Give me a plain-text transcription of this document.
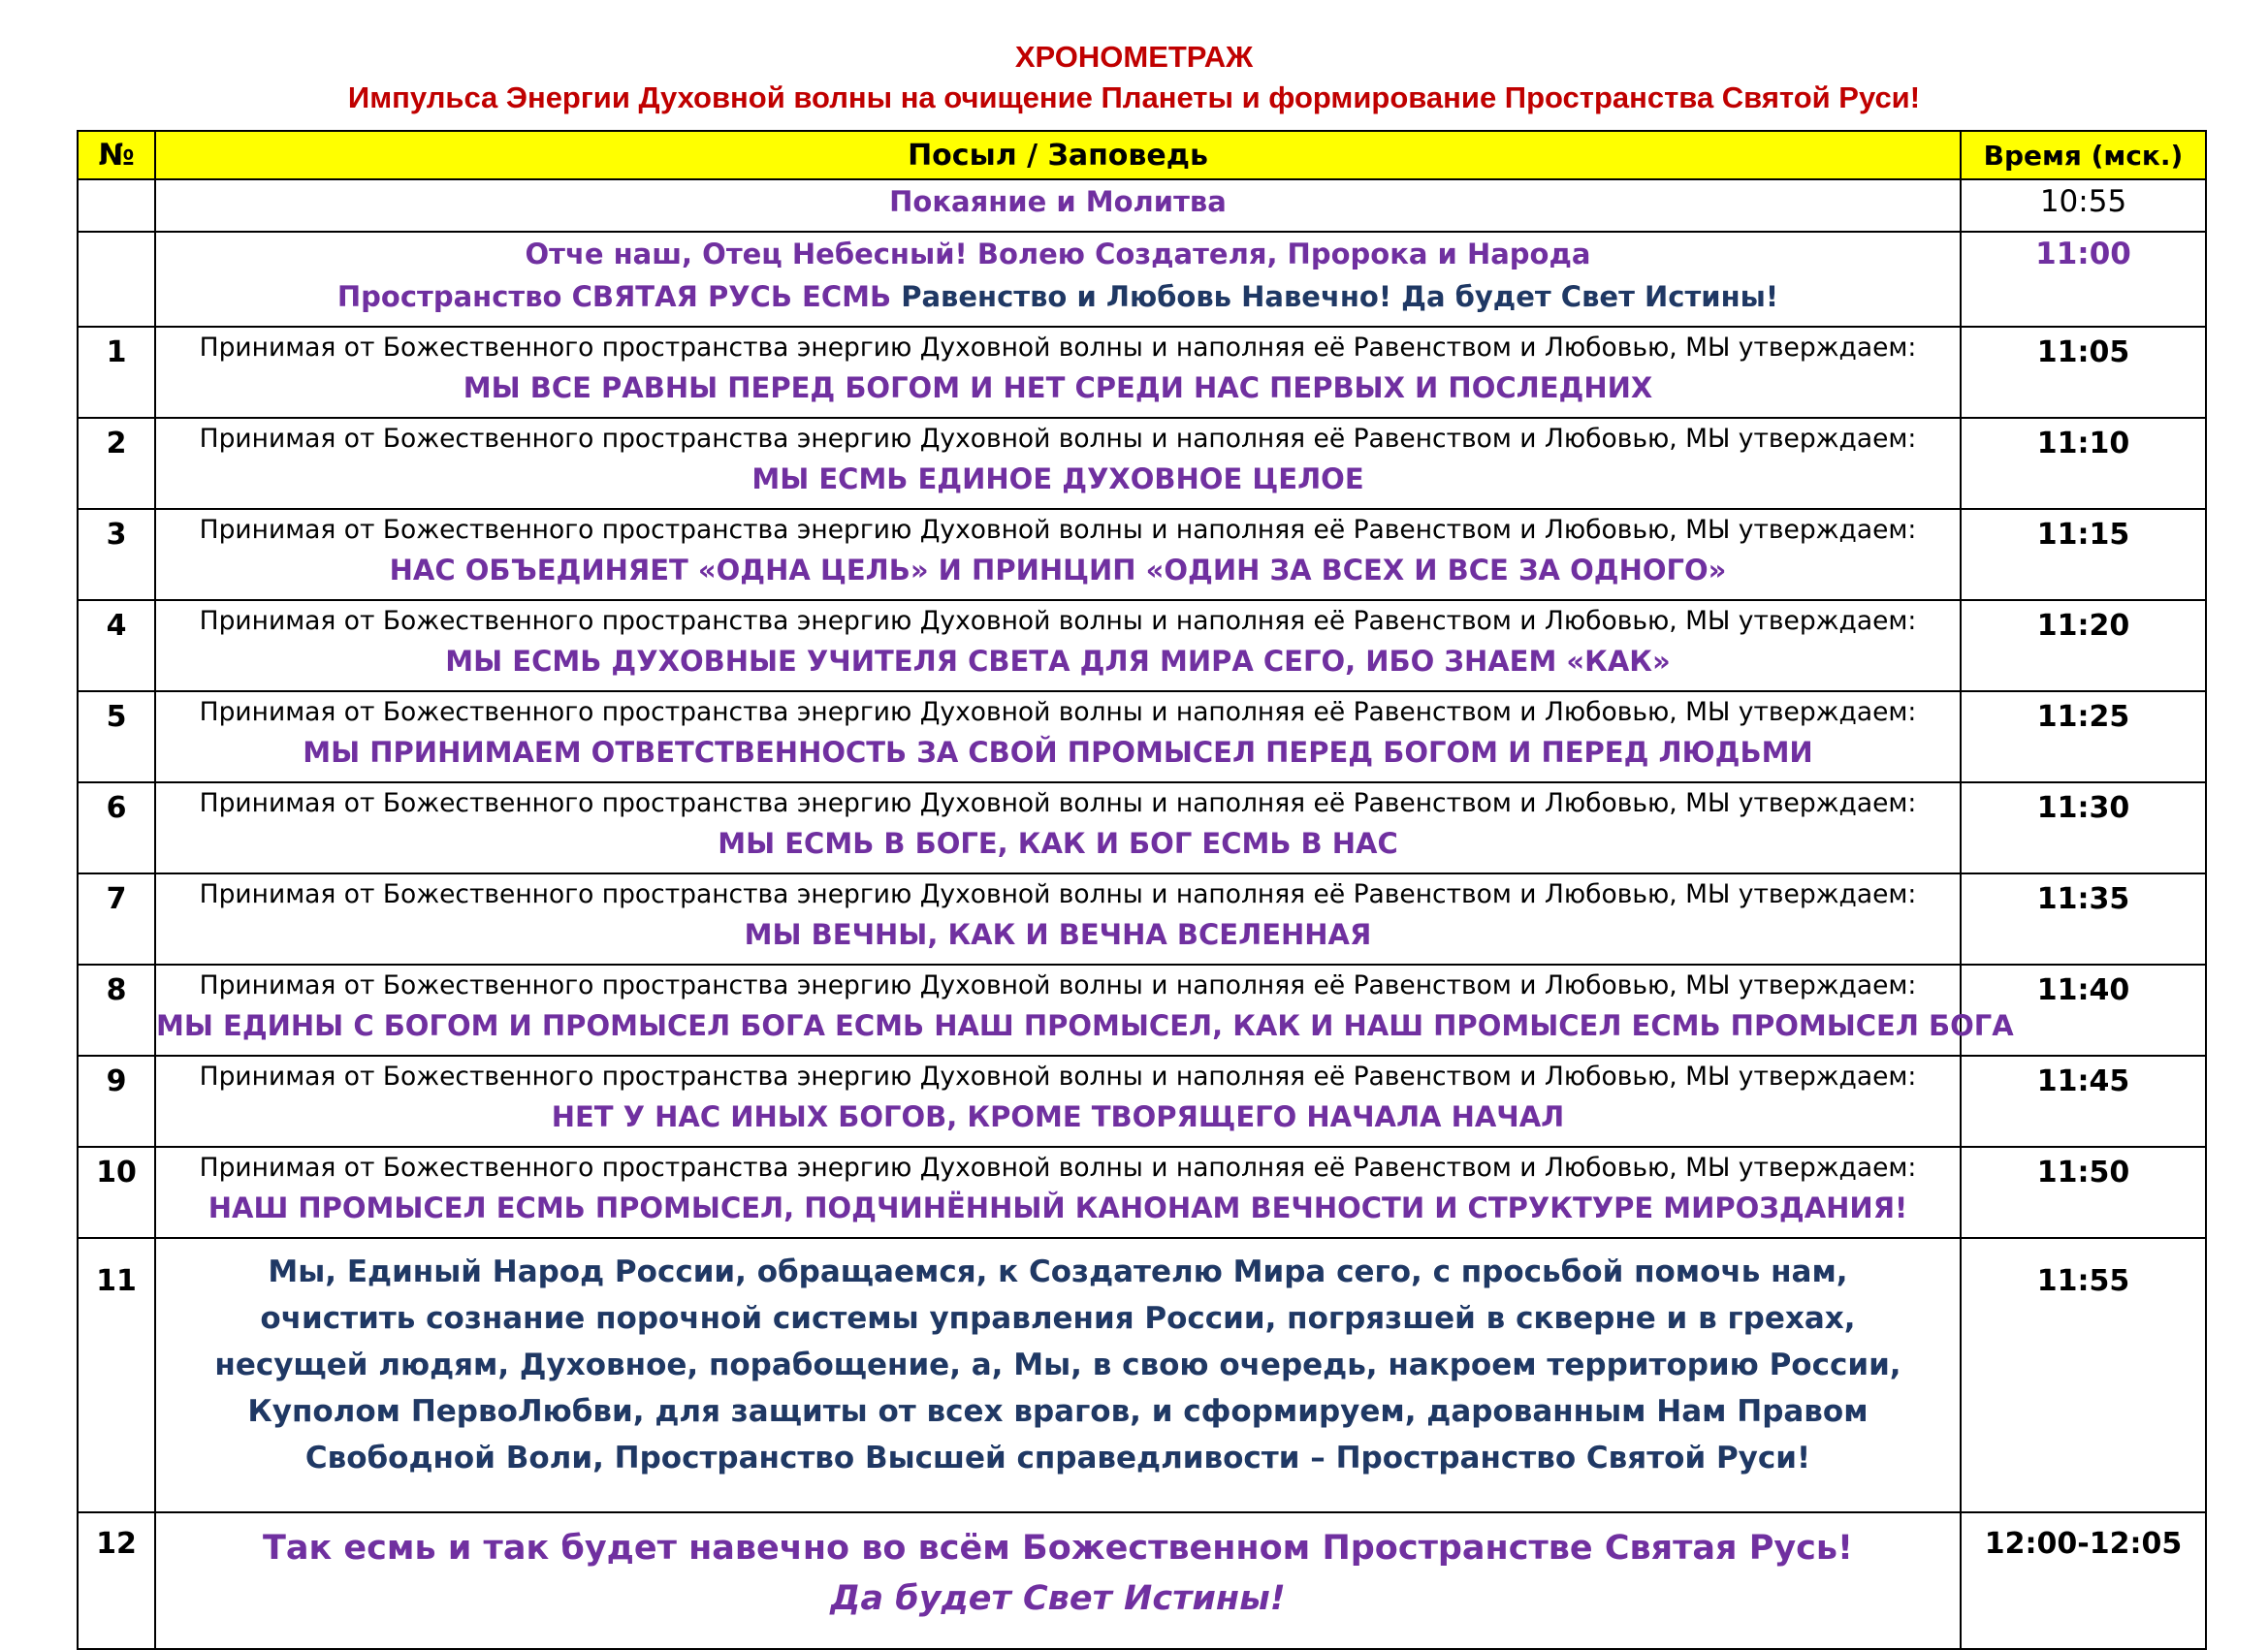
ХРОНОМЕТРАЖ
Импульса Энергии Духовной волны на очищение Планеты и формирование Пространства Святой Руси!
№	Посыл / Заповедь	Время (мск.)
	Покаяние и Молитва	10:55

	Отче наш, Отец Небесный! Волею Создателя, Пророка и Народа
Пространство СВЯТАЯ РУСЬ ЕСМЬ Равенство и Любовь Навечно! Да будет Свет Истины!	11:00
1	Принимая от Божественного пространства энергию Духовной волны и наполняя её Равенством и Любовью, МЫ утверждаем:
МЫ ВСЕ РАВНЫ ПЕРЕД БОГОМ И НЕТ СРЕДИ НАС ПЕРВЫХ И ПОСЛЕДНИХ	11:05
2	Принимая от Божественного пространства энергию Духовной волны и наполняя её Равенством и Любовью, МЫ утверждаем:
МЫ ЕСМЬ ЕДИНОЕ ДУХОВНОЕ ЦЕЛОЕ	11:10
3	Принимая от Божественного пространства энергию Духовной волны и наполняя её Равенством и Любовью, МЫ утверждаем:
НАС ОБЪЕДИНЯЕТ «ОДНА ЦЕЛЬ» И ПРИНЦИП «ОДИН ЗА ВСЕХ И ВСЕ ЗА ОДНОГО»	11:15
4	Принимая от Божественного пространства энергию Духовной волны и наполняя её Равенством и Любовью, МЫ утверждаем:
МЫ ЕСМЬ ДУХОВНЫЕ УЧИТЕЛЯ СВЕТА ДЛЯ МИРА СЕГО, ИБО ЗНАЕМ «КАК»	11:20
5	Принимая от Божественного пространства энергию Духовной волны и наполняя её Равенством и Любовью, МЫ утверждаем:
МЫ ПРИНИМАЕМ ОТВЕТСТВЕННОСТЬ ЗА СВОЙ ПРОМЫСЕЛ ПЕРЕД БОГОМ И ПЕРЕД ЛЮДЬМИ	11:25
6	Принимая от Божественного пространства энергию Духовной волны и наполняя её Равенством и Любовью, МЫ утверждаем:
МЫ ЕСМЬ В БОГЕ, КАК И БОГ ЕСМЬ В НАС	11:30
7	Принимая от Божественного пространства энергию Духовной волны и наполняя её Равенством и Любовью, МЫ утверждаем:
МЫ ВЕЧНЫ, КАК И ВЕЧНА ВСЕЛЕННАЯ	11:35
8	Принимая от Божественного пространства энергию Духовной волны и наполняя её Равенством и Любовью, МЫ утверждаем:
МЫ ЕДИНЫ С БОГОМ И ПРОМЫСЕЛ БОГА ЕСМЬ НАШ ПРОМЫСЕЛ, КАК И НАШ ПРОМЫСЕЛ ЕСМЬ ПРОМЫСЕЛ БОГА	11:40
9	Принимая от Божественного пространства энергию Духовной волны и наполняя её Равенством и Любовью, МЫ утверждаем:
НЕТ У НАС ИНЫХ БОГОВ, КРОМЕ ТВОРЯЩЕГО НАЧАЛА НАЧАЛ	11:45
10	Принимая от Божественного пространства энергию Духовной волны и наполняя её Равенством и Любовью, МЫ утверждаем:
НАШ ПРОМЫСЕЛ ЕСМЬ ПРОМЫСЕЛ, ПОДЧИНЁННЫЙ КАНОНАМ ВЕЧНОСТИ И СТРУКТУРЕ МИРОЗДАНИЯ!	11:50
11	Мы, Единый Народ России, обращаемся, к Создателю Мира сего, с просьбой помочь нам,
очистить сознание порочной системы управления России, погрязшей в скверне и в грехах,
несущей людям, Духовное, порабощение, а, Мы, в свою очередь, накроем территорию России,
Куполом ПервоЛюбви, для защиты от всех врагов, и сформируем, дарованным Нам Правом
Свободной Воли, Пространство Высшей справедливости – Пространство Святой Руси!	11:55
12	Так есмь и так будет навечно во всём Божественном Пространстве Святая Русь!
Да будет Свет Истины!	12:00-12:05
